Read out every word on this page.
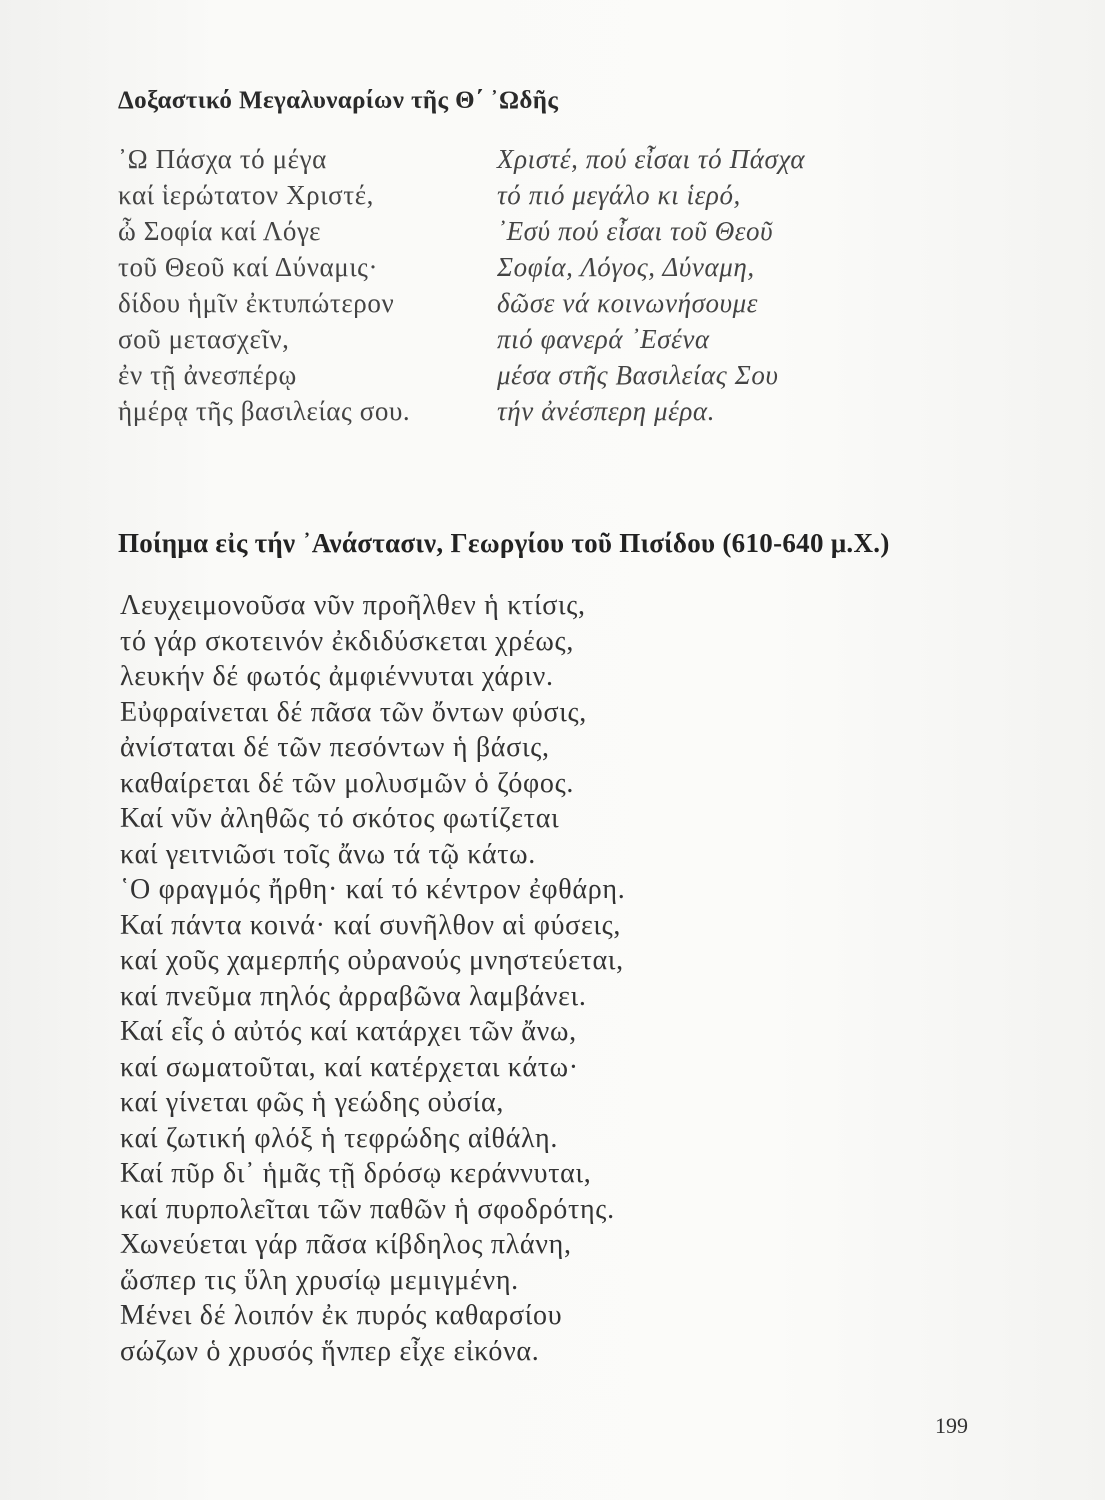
Δοξαστικό Μεγαλυναρίων τῆς Θ΄ ᾿Ωδῆς
᾿Ω Πάσχα τό μέγα
καί ἱερώτατον Χριστέ,
ὦ Σοφία καί Λόγε
τοῦ Θεοῦ καί Δύναμις·
δίδου ἡμῖν ἐκτυπώτερον
σοῦ μετασχεῖν,
ἐν τῇ ἀνεσπέρῳ
ἡμέρᾳ τῆς βασιλείας σου.
Χριστέ, πού εἶσαι τό Πάσχα
τό πιό μεγάλο κι ἱερό,
᾿Εσύ πού εἶσαι τοῦ Θεοῦ
Σοφία, Λόγος, Δύναμη,
δῶσε νά κοινωνήσουμε
πιό φανερά ᾿Εσένα
μέσα στῆς Βασιλείας Σου
τήν ἀνέσπερη μέρα.
Ποίημα εἰς τήν ᾿Ανάστασιν, Γεωργίου τοῦ Πισίδου (610-640 μ.Χ.)
Λευχειμονοῦσα νῦν προῆλθεν ἡ κτίσις,
τό γάρ σκοτεινόν ἐκδιδύσκεται χρέως,
λευκήν δέ φωτός ἀμφιέννυται χάριν.
Εὐφραίνεται δέ πᾶσα τῶν ὄντων φύσις,
ἀνίσταται δέ τῶν πεσόντων ἡ βάσις,
καθαίρεται δέ τῶν μολυσμῶν ὁ ζόφος.
Καί νῦν ἀληθῶς τό σκότος φωτίζεται
καί γειτνιῶσι τοῖς ἄνω τά τῷ κάτω.
῾Ο φραγμός ἤρθη· καί τό κέντρον ἐφθάρη.
Καί πάντα κοινά· καί συνῆλθον αἱ φύσεις,
καί χοῦς χαμερπής οὐρανούς μνηστεύεται,
καί πνεῦμα πηλός ἀρραβῶνα λαμβάνει.
Καί εἷς ὁ αὐτός καί κατάρχει τῶν ἄνω,
καί σωματοῦται, καί κατέρχεται κάτω·
καί γίνεται φῶς ἡ γεώδης οὐσία,
καί ζωτική φλόξ ἡ τεφρώδης αἰθάλη.
Καί πῦρ δι᾿ ἡμᾶς τῇ δρόσῳ κεράννυται,
καί πυρπολεῖται τῶν παθῶν ἡ σφοδρότης.
Χωνεύεται γάρ πᾶσα κίβδηλος πλάνη,
ὥσπερ τις ὕλη χρυσίῳ μεμιγμένη.
Μένει δέ λοιπόν ἐκ πυρός καθαρσίου
σώζων ὁ χρυσός ἥνπερ εἶχε εἰκόνα.
199
